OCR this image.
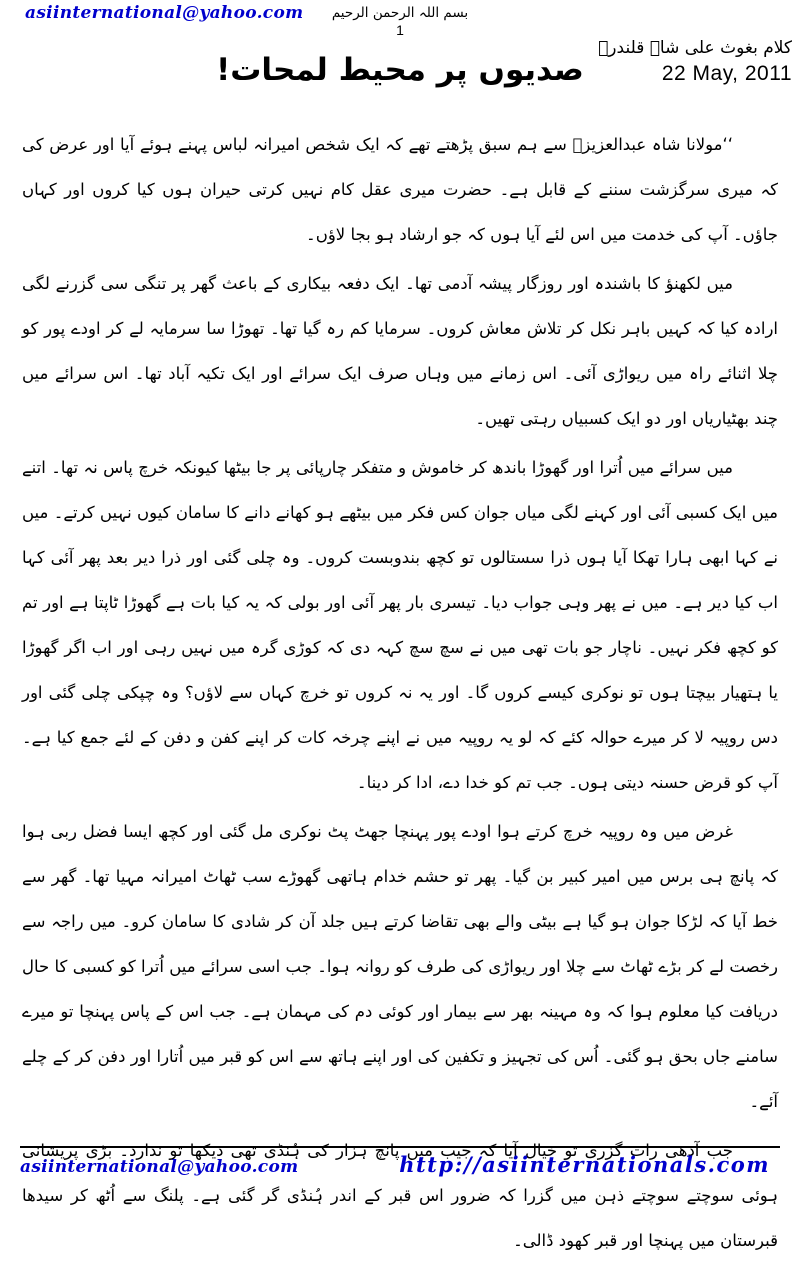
asiinternational@yahoo.com	بسم اللہ الرحمن الرحیم
1
کلام بغوث علی شاہ قلندرؒ
22 May, 2011
صدیوں پر محیط لمحات!

‘‘مولانا شاہ عبدالعزیزؒ سے ہم سبق پڑھتے تھے کہ ایک شخص امیرانہ لباس پہنے ہوئے آیا اور عرض کی کہ میری سرگزشت سننے کے قابل ہے۔ حضرت میری عقل کام نہیں کرتی حیران ہوں کیا کروں اور کہاں جاؤں۔ آپ کی خدمت میں اس لئے آیا ہوں کہ جو ارشاد ہو بجا لاؤں۔

میں لکھنؤ کا باشندہ اور روزگار پیشہ آدمی تھا۔ ایک دفعہ بیکاری کے باعث گھر پر تنگی سی گزرنے لگی ارادہ کیا کہ کہیں باہر نکل کر تلاش معاش کروں۔ سرمایا کم رہ گیا تھا۔ تھوڑا سا سرمایہ لے کر اودے پور کو چلا اثنائے راہ میں ریواڑی آئی۔ اس زمانے میں وہاں صرف ایک سرائے اور ایک تکیہ آباد تھا۔ اس سرائے میں چند بھٹیاریاں اور دو ایک کسبیاں رہتی تھیں۔

میں سرائے میں اُترا اور گھوڑا باندھ کر خاموش و متفکر چارپائی پر جا بیٹھا کیونکہ خرچ پاس نہ تھا۔ اتنے میں ایک کسبی آئی اور کہنے لگی میاں جوان کس فکر میں بیٹھے ہو کھانے دانے کا سامان کیوں نہیں کرتے۔ میں نے کہا ابھی ہارا تھکا آیا ہوں ذرا سستالوں تو کچھ بندوبست کروں۔ وہ چلی گئی اور ذرا دیر بعد پھر آئی کہا اب کیا دیر ہے۔ میں نے پھر وہی جواب دیا۔ تیسری بار پھر آئی اور بولی کہ یہ کیا بات ہے گھوڑا ٹاپتا ہے اور تم کو کچھ فکر نہیں۔ ناچار جو بات تھی میں نے سچ سچ کہہ دی کہ کوڑی گرہ میں نہیں رہی اور اب اگر گھوڑا یا ہتھیار بیچتا ہوں تو نوکری کیسے کروں گا۔ اور یہ نہ کروں تو خرچ کہاں سے لاؤں؟ وہ چپکی چلی گئی اور دس روپیہ لا کر میرے حوالہ کئے کہ لو یہ روپیہ میں نے اپنے چرخہ کات کر اپنے کفن و دفن کے لئے جمع کیا ہے۔ آپ کو قرض حسنہ دیتی ہوں۔ جب تم کو خدا دے، ادا کر دینا۔

غرض میں وہ روپیہ خرچ کرتے ہوا اودے پور پہنچا جھٹ پٹ نوکری مل گئی اور کچھ ایسا فضل ربی ہوا کہ پانچ ہی برس میں امیر کبیر بن گیا۔ پھر تو حشم خدام ہاتھی گھوڑے سب ٹھاٹ امیرانہ مہیا تھا۔ گھر سے خط آیا کہ لڑکا جوان ہو گیا ہے بیٹی والے بھی تقاضا کرتے ہیں جلد آن کر شادی کا سامان کرو۔ میں راجہ سے رخصت لے کر بڑے ٹھاٹ سے چلا اور ریواڑی کی طرف کو روانہ ہوا۔ جب اسی سرائے میں اُترا کو کسبی کا حال دریافت کیا معلوم ہوا کہ وہ مہینہ بھر سے بیمار اور کوئی دم کی مہمان ہے۔ جب اس کے پاس پہنچا تو میرے سامنے جاں بحق ہو گئی۔ اُس کی تجہیز و تکفین کی اور اپنے ہاتھ سے اس کو قبر میں اُتارا اور دفن کر کے چلے آئے۔

جب آدھی رات گزری تو خیال آیا کہ جیب میں پانچ ہزار کی ہُنڈی تھی دیکھا تو ندارد۔ بڑی پریشانی ہوئی سوچتے سوچتے ذہن میں گزرا کہ ضرور اس قبر کے اندر ہُنڈی گر گئی ہے۔ پلنگ سے اُٹھ کر سیدھا قبرستان میں پہنچا اور قبر کھود ڈالی۔

asiinternational@yahoo.com	http://asiinternationals.com
